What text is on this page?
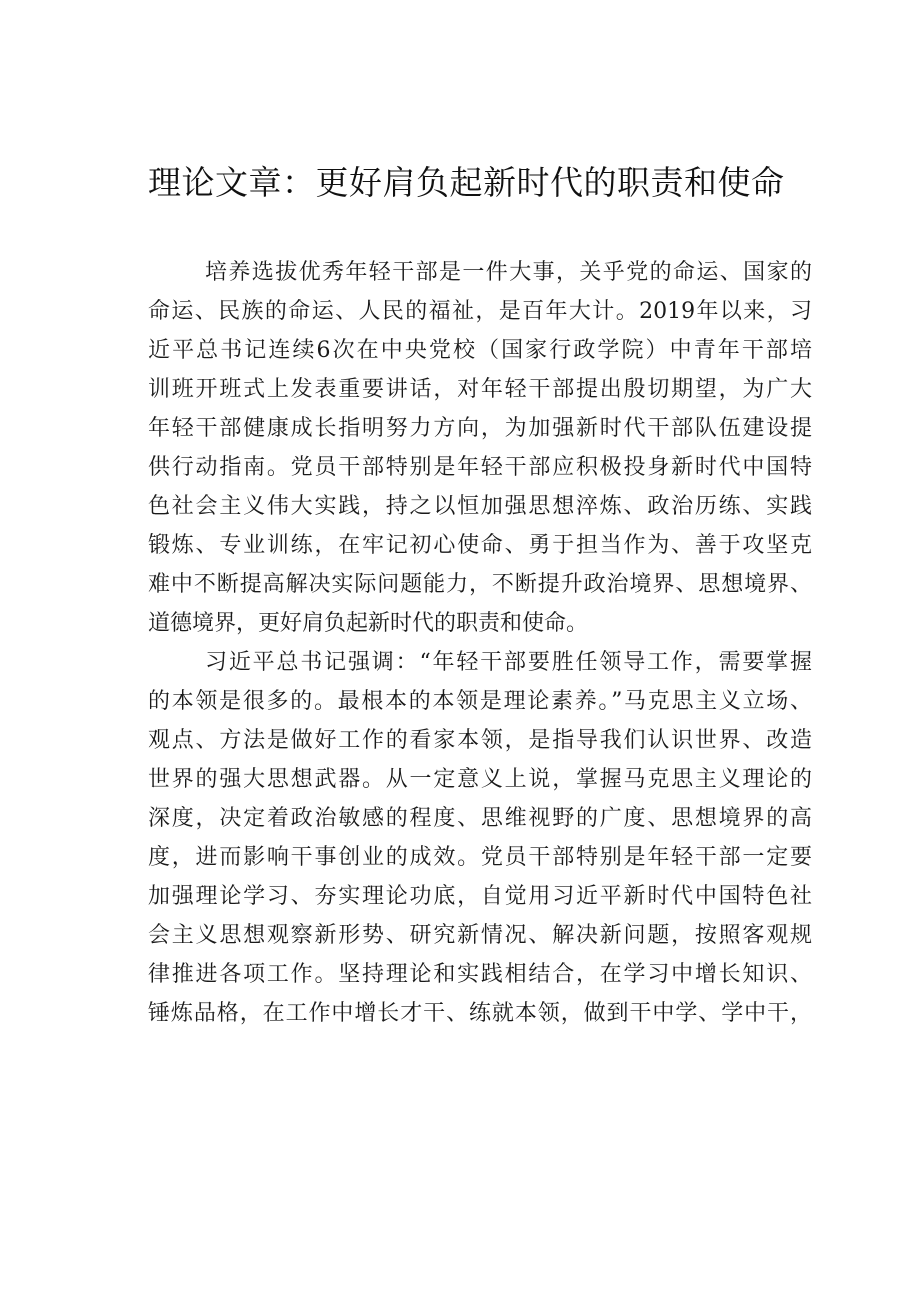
理论文章：更好肩负起新时代的职责和使命
培养选拔优秀年轻干部是一件大事，关乎党的命运、国家的
命运、民族的命运、人民的福祉，是百年大计。2019年以来，习
近平总书记连续6次在中央党校（国家行政学院）中青年干部培
训班开班式上发表重要讲话，对年轻干部提出殷切期望，为广大
年轻干部健康成长指明努力方向，为加强新时代干部队伍建设提
供行动指南。党员干部特别是年轻干部应积极投身新时代中国特
色社会主义伟大实践，持之以恒加强思想淬炼、政治历练、实践
锻炼、专业训练，在牢记初心使命、勇于担当作为、善于攻坚克
难中不断提高解决实际问题能力，不断提升政治境界、思想境界、
道德境界，更好肩负起新时代的职责和使命。
习近平总书记强调：“年轻干部要胜任领导工作，需要掌握
的本领是很多的。最根本的本领是理论素养。”马克思主义立场、
观点、方法是做好工作的看家本领，是指导我们认识世界、改造
世界的强大思想武器。从一定意义上说，掌握马克思主义理论的
深度，决定着政治敏感的程度、思维视野的广度、思想境界的高
度，进而影响干事创业的成效。党员干部特别是年轻干部一定要
加强理论学习、夯实理论功底，自觉用习近平新时代中国特色社
会主义思想观察新形势、研究新情况、解决新问题，按照客观规
律推进各项工作。坚持理论和实践相结合，在学习中增长知识、
锤炼品格，在工作中增长才干、练就本领，做到干中学、学中干，
